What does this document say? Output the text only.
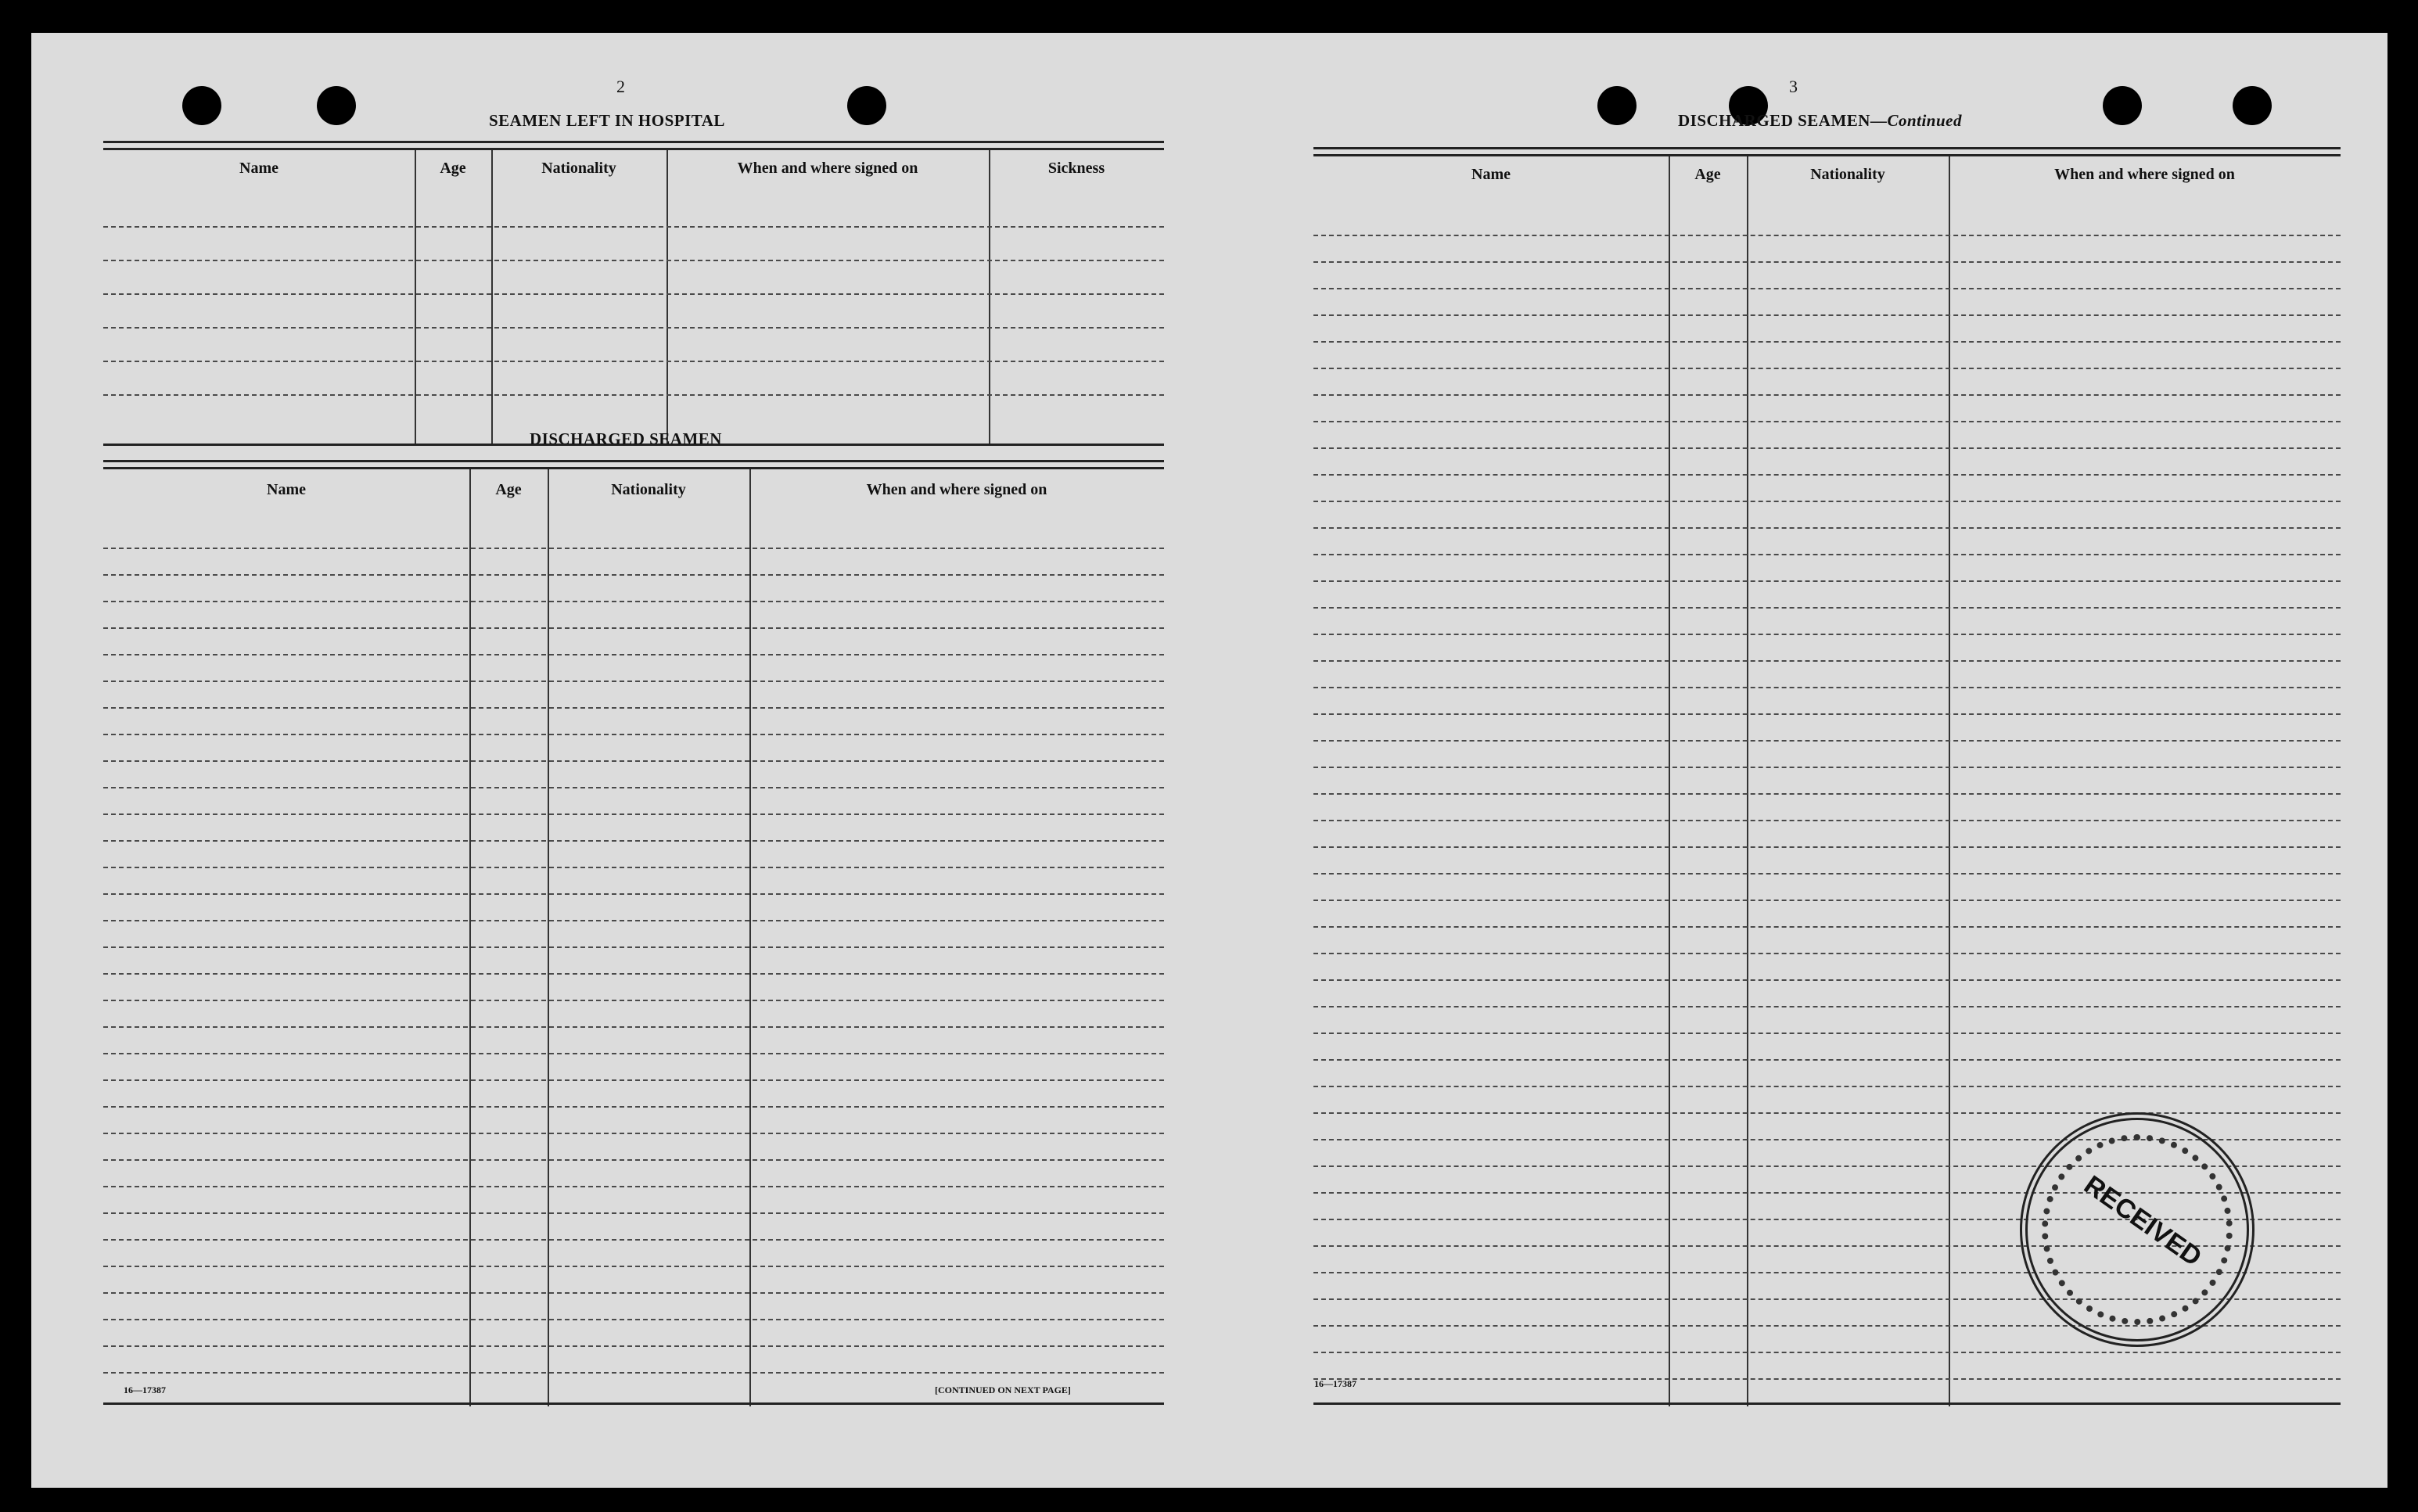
2
SEAMEN LEFT IN HOSPITAL
Name	Age	Nationality	When and where signed on	Sickness
DISCHARGED SEAMEN
Name	Age	Nationality	When and where signed on
16—17387	[CONTINUED ON NEXT PAGE]
3
DISCHARGED SEAMEN—Continued
Name	Age	Nationality	When and where signed on
RECEIVED
16—17387
